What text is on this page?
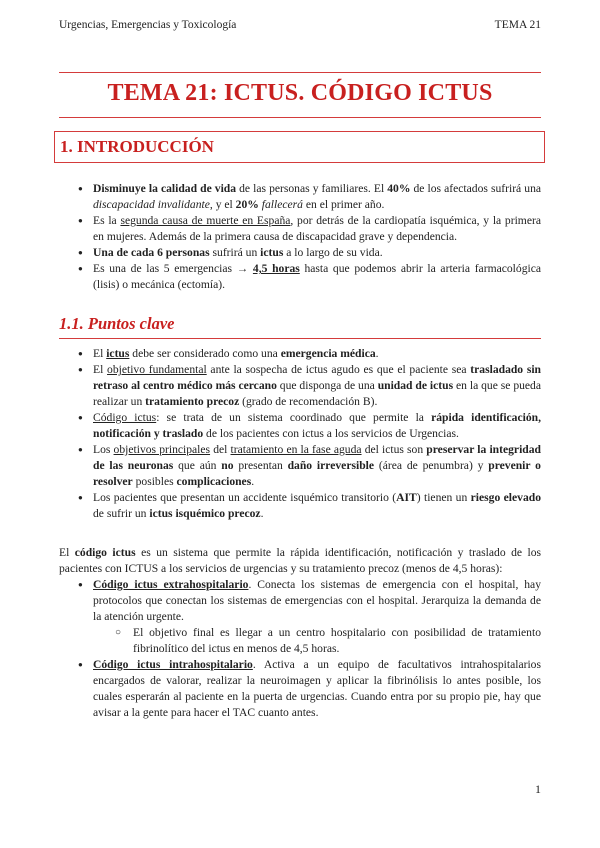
Urgencias, Emergencias y Toxicología	TEMA 21
TEMA 21: ICTUS. CÓDIGO ICTUS
1. INTRODUCCIÓN
● Disminuye la calidad de vida de las personas y familiares. El 40% de los afectados sufrirá una discapacidad invalidante, y el 20% fallecerá en el primer año.
● Es la segunda causa de muerte en España, por detrás de la cardiopatía isquémica, y la primera en mujeres. Además de la primera causa de discapacidad grave y dependencia.
● Una de cada 6 personas sufrirá un ictus a lo largo de su vida.
● Es una de las 5 emergencias → 4,5 horas hasta que podemos abrir la arteria farmacológica (lisis) o mecánica (ectomía).
1.1. Puntos clave
● El ictus debe ser considerado como una emergencia médica.
● El objetivo fundamental ante la sospecha de ictus agudo es que el paciente sea trasladado sin retraso al centro médico más cercano que disponga de una unidad de ictus en la que se pueda realizar un tratamiento precoz (grado de recomendación B).
● Código ictus: se trata de un sistema coordinado que permite la rápida identificación, notificación y traslado de los pacientes con ictus a los servicios de Urgencias.
● Los objetivos principales del tratamiento en la fase aguda del ictus son preservar la integridad de las neuronas que aún no presentan daño irreversible (área de penumbra) y prevenir o resolver posibles complicaciones.
● Los pacientes que presentan un accidente isquémico transitorio (AIT) tienen un riesgo elevado de sufrir un ictus isquémico precoz.
El código ictus es un sistema que permite la rápida identificación, notificación y traslado de los pacientes con ICTUS a los servicios de urgencias y su tratamiento precoz (menos de 4,5 horas):
● Código ictus extrahospitalario. Conecta los sistemas de emergencia con el hospital, hay protocolos que conectan los sistemas de emergencias con el hospital. Jerarquiza la demanda de la atención urgente.
○ El objetivo final es llegar a un centro hospitalario con posibilidad de tratamiento fibrinolítico del ictus en menos de 4,5 horas.
● Código ictus intrahospitalario. Activa a un equipo de facultativos intrahospitalarios encargados de valorar, realizar la neuroimagen y aplicar la fibrinólisis lo antes posible, los cuales esperarán al paciente en la puerta de urgencias. Cuando entra por su propio pie, hay que avisar a la gente para hacer el TAC cuanto antes.
1
